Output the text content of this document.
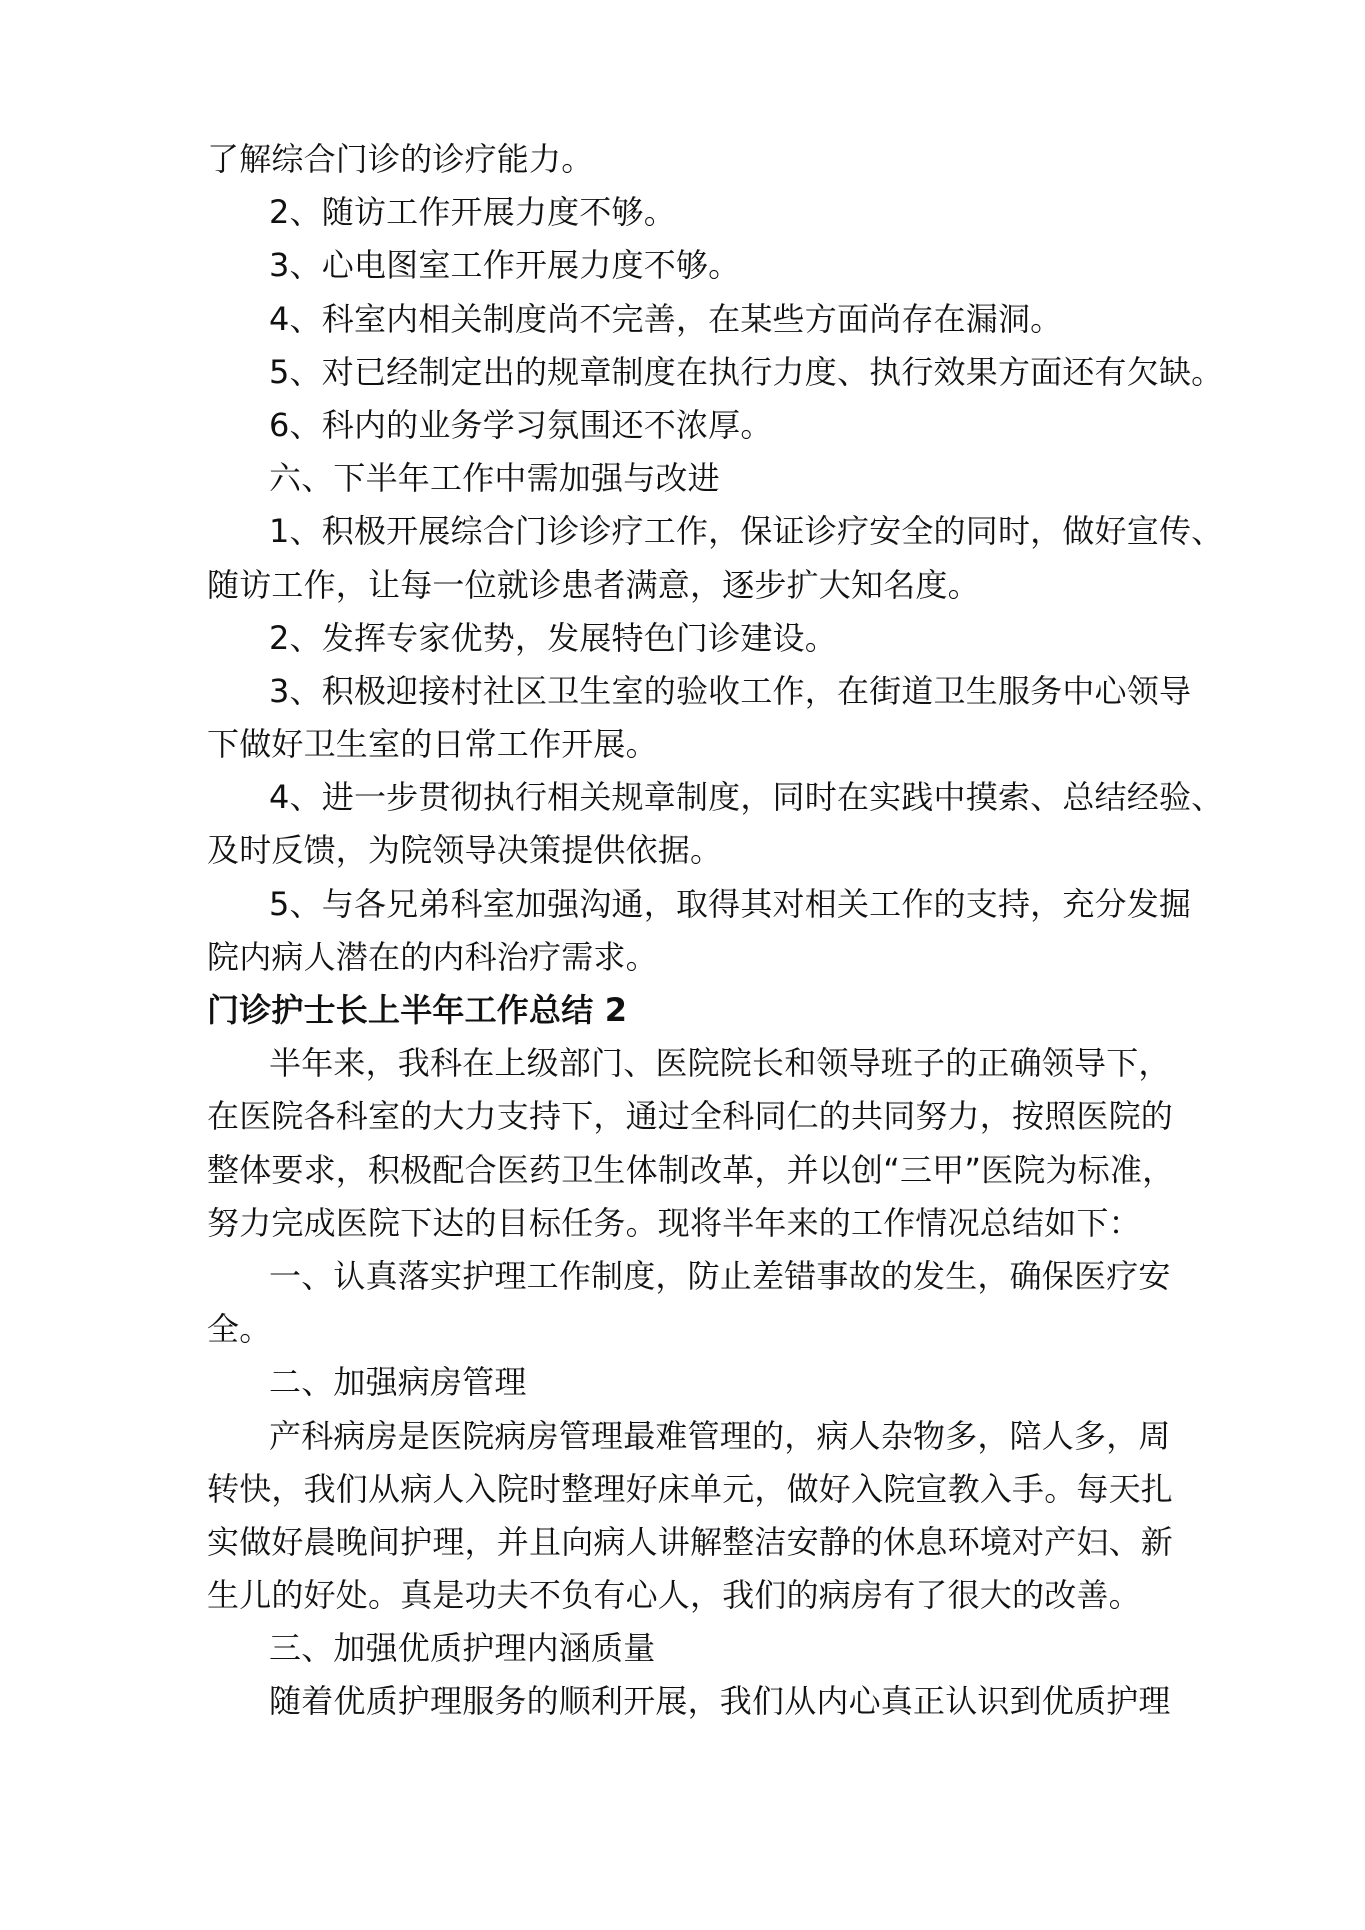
了解综合门诊的诊疗能力。
2、随访工作开展力度不够。
3、心电图室工作开展力度不够。
4、科室内相关制度尚不完善，在某些方面尚存在漏洞。
5、对已经制定出的规章制度在执行力度、执行效果方面还有欠缺。
6、科内的业务学习氛围还不浓厚。
六、下半年工作中需加强与改进
1、积极开展综合门诊诊疗工作，保证诊疗安全的同时，做好宣传、
随访工作，让每一位就诊患者满意，逐步扩大知名度。
2、发挥专家优势，发展特色门诊建设。
3、积极迎接村社区卫生室的验收工作，在街道卫生服务中心领导
下做好卫生室的日常工作开展。
4、进一步贯彻执行相关规章制度，同时在实践中摸索、总结经验、
及时反馈，为院领导决策提供依据。
5、与各兄弟科室加强沟通，取得其对相关工作的支持，充分发掘
院内病人潜在的内科治疗需求。
门诊护士长上半年工作总结 2
半年来，我科在上级部门、医院院长和领导班子的正确领导下，
在医院各科室的大力支持下，通过全科同仁的共同努力，按照医院的
整体要求，积极配合医药卫生体制改革，并以创“三甲”医院为标准，
努力完成医院下达的目标任务。现将半年来的工作情况总结如下：
一、认真落实护理工作制度，防止差错事故的发生，确保医疗安
全。
二、加强病房管理
产科病房是医院病房管理最难管理的，病人杂物多，陪人多，周
转快，我们从病人入院时整理好床单元，做好入院宣教入手。每天扎
实做好晨晚间护理，并且向病人讲解整洁安静的休息环境对产妇、新
生儿的好处。真是功夫不负有心人，我们的病房有了很大的改善。
三、加强优质护理内涵质量
随着优质护理服务的顺利开展，我们从内心真正认识到优质护理
